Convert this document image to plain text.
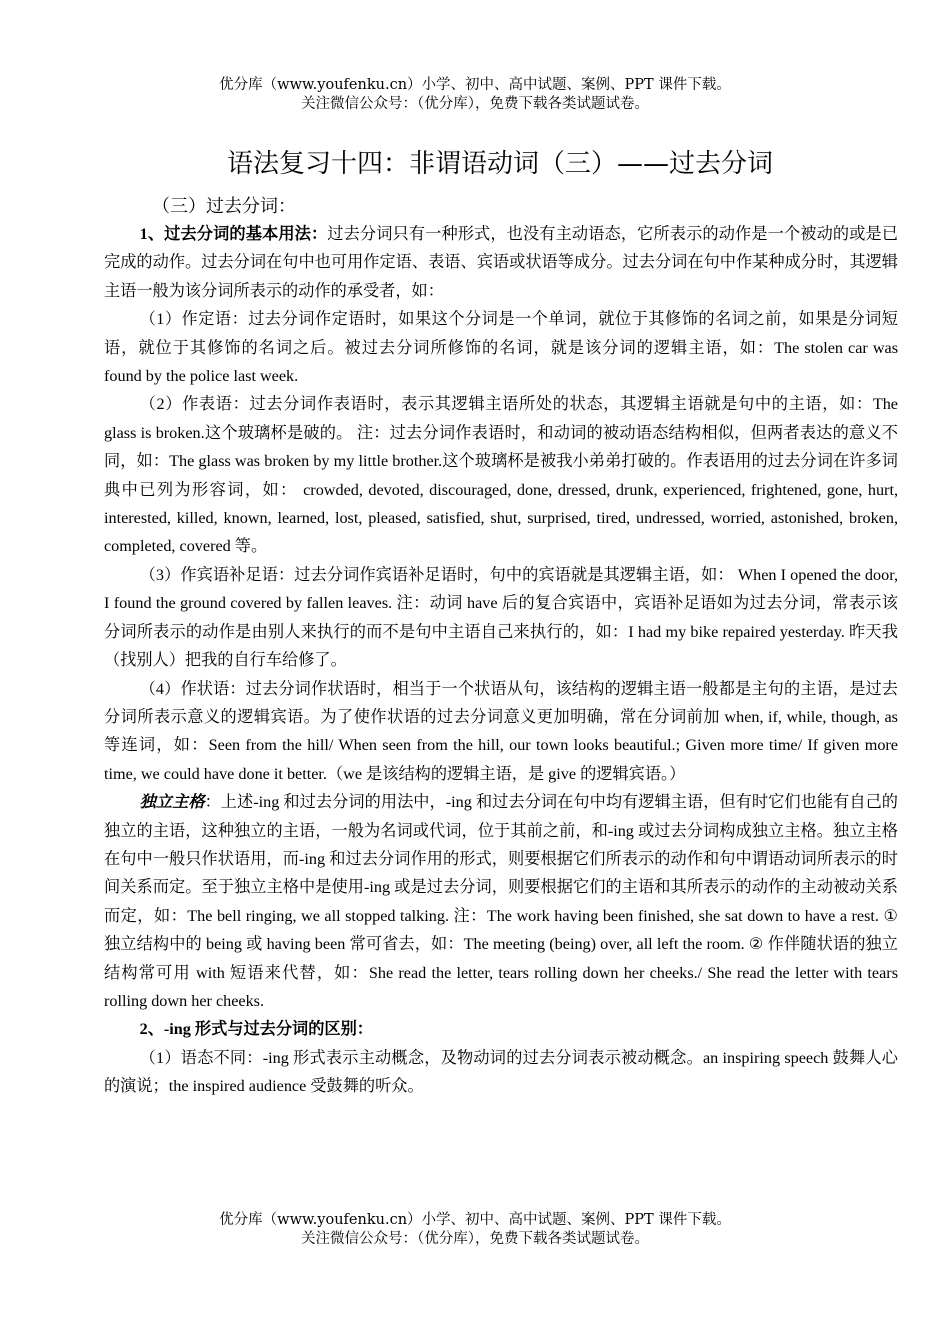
优分库（www.youfenku.cn）小学、初中、高中试题、案例、PPT 课件下载。
关注微信公众号：（优分库），免费下载各类试题试卷。
语法复习十四：非谓语动词（三）——过去分词
（三）过去分词：

1、过去分词的基本用法：过去分词只有一种形式，也没有主动语态，它所表示的动作是一个被动的或是已完成的动作。过去分词在句中也可用作定语、表语、宾语或状语等成分。过去分词在句中作某种成分时，其逻辑主语一般为该分词所表示的动作的承受者，如：

（1）作定语：过去分词作定语时，如果这个分词是一个单词，就位于其修饰的名词之前，如果是分词短语，就位于其修饰的名词之后。被过去分词所修饰的名词，就是该分词的逻辑主语，如：The stolen car was found by the police last week.

（2）作表语：过去分词作表语时，表示其逻辑主语所处的状态，其逻辑主语就是句中的主语，如：The glass is broken.这个玻璃杯是破的。 注：过去分词作表语时，和动词的被动语态结构相似，但两者表达的意义不同，如：The glass was broken by my little brother.这个玻璃杯是被我小弟弟打破的。作表语用的过去分词在许多词典中已列为形容词，如： crowded, devoted, discouraged, done, dressed, drunk, experienced, frightened, gone, hurt, interested, killed, known, learned, lost, pleased, satisfied, shut, surprised, tired, undressed, worried, astonished, broken, completed, covered 等。

（3）作宾语补足语：过去分词作宾语补足语时，句中的宾语就是其逻辑主语，如： When I opened the door, I found the ground covered by fallen leaves. 注：动词 have 后的复合宾语中，宾语补足语如为过去分词，常表示该分词所表示的动作是由别人来执行的而不是句中主语自己来执行的，如：I had my bike repaired yesterday. 昨天我（找别人）把我的自行车给修了。

（4）作状语：过去分词作状语时，相当于一个状语从句，该结构的逻辑主语一般都是主句的主语，是过去分词所表示意义的逻辑宾语。为了使作状语的过去分词意义更加明确，常在分词前加 when, if, while, though, as 等连词，如：Seen from the hill/ When seen from the hill, our town looks beautiful.; Given more time/ If given more time, we could have done it better.（we 是该结构的逻辑主语，是 give 的逻辑宾语。）

独立主格：上述-ing 和过去分词的用法中，-ing 和过去分词在句中均有逻辑主语，但有时它们也能有自己的独立的主语，这种独立的主语，一般为名词或代词，位于其前之前，和-ing 或过去分词构成独立主格。独立主格在句中一般只作状语用，而-ing 和过去分词作用的形式，则要根据它们所表示的动作和句中谓语动词所表示的时间关系而定。至于独立主格中是使用-ing 或是过去分词，则要根据它们的主语和其所表示的动作的主动被动关系而定，如：The bell ringing, we all stopped talking. 注：The work having been finished, she sat down to have a rest. ① 独立结构中的 being 或 having been 常可省去，如：The meeting (being) over, all left the room. ② 作伴随状语的独立结构常可用 with 短语来代替，如：She read the letter, tears rolling down her cheeks./ She read the letter with tears rolling down her cheeks.

2、-ing 形式与过去分词的区别：

（1）语态不同：-ing 形式表示主动概念，及物动词的过去分词表示被动概念。an inspiring speech 鼓舞人心的演说；the inspired audience 受鼓舞的听众。

优分库（www.youfenku.cn）小学、初中、高中试题、案例、PPT 课件下载。
关注微信公众号：（优分库），免费下载各类试题试卷。
